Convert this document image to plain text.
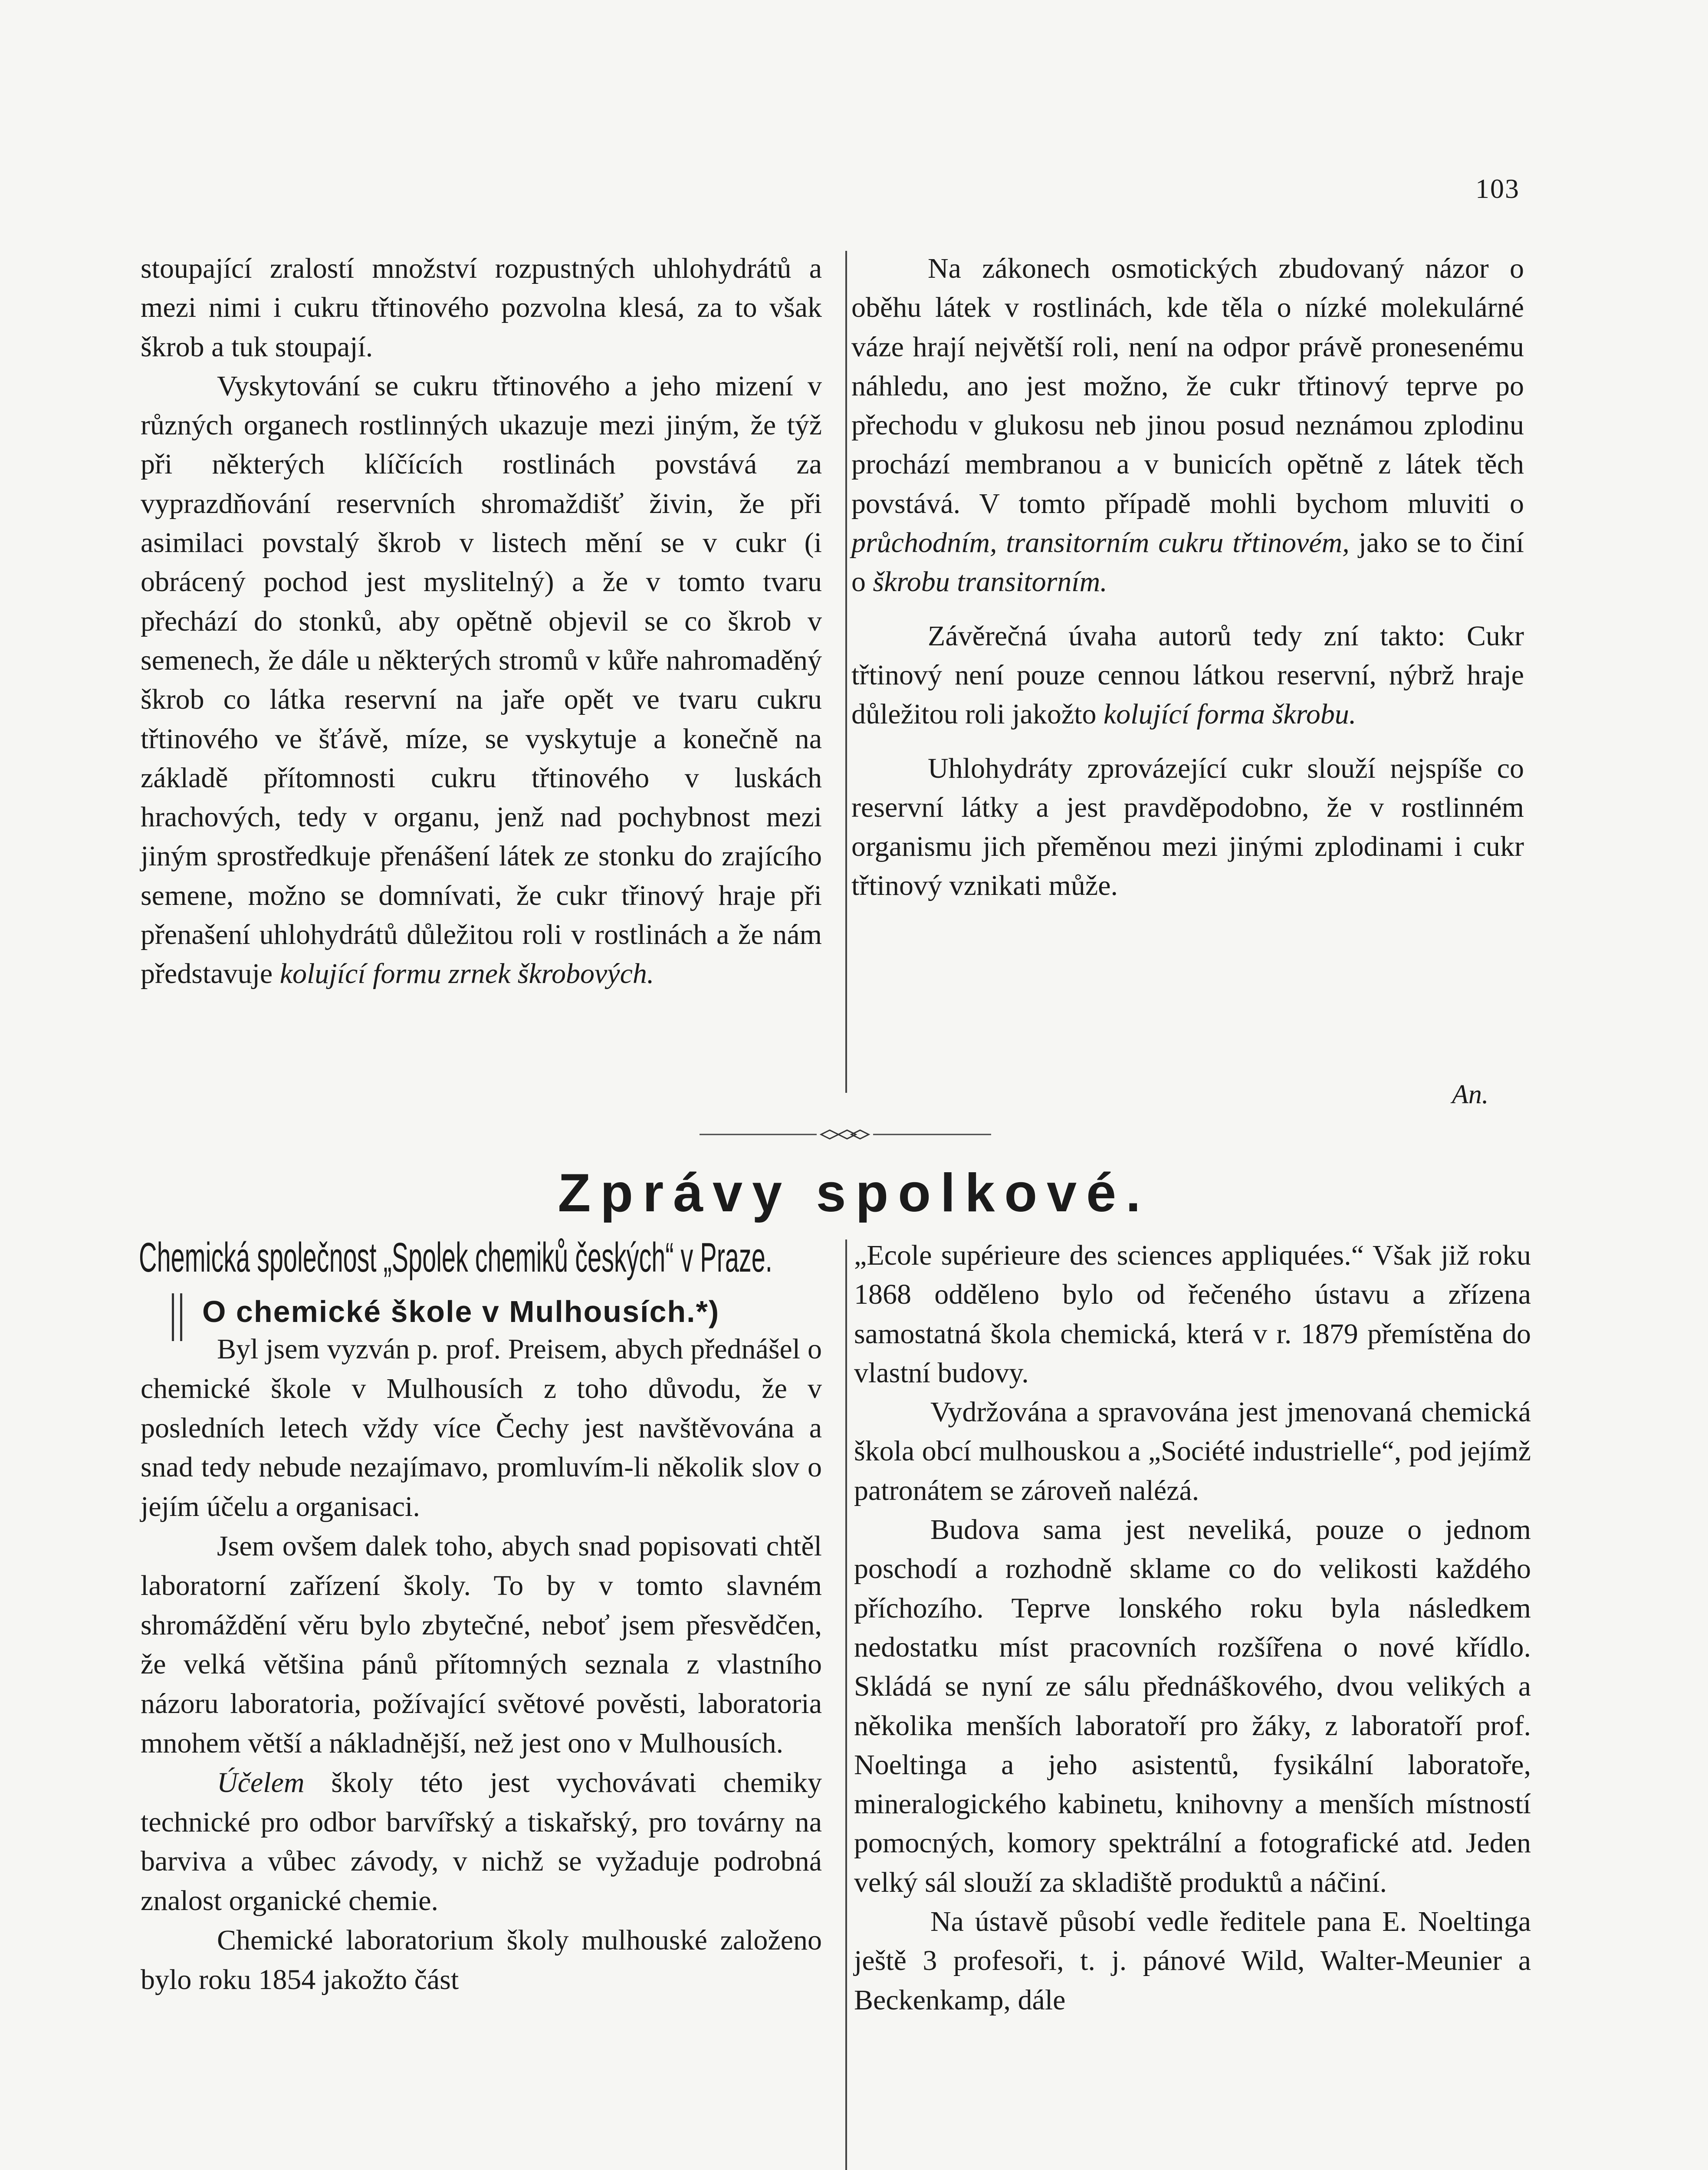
103

stoupající zralostí množství rozpustných uhlohydrátů a mezi nimi i cukru třtinového pozvolna klesá, za to však škrob a tuk stoupají.

Vyskytování se cukru třtinového a jeho mizení v různých organech rostlinných ukazuje mezi jiným, že týž při některých klíčících rostlinách povstává za vyprazdňování reservních shromaždišť živin, že při asimilaci povstalý škrob v listech mění se v cukr (i obrácený pochod jest myslitelný) a že v tomto tvaru přechází do stonků, aby opětně objevil se co škrob v semenech, že dále u některých stromů v kůře nahromaděný škrob co látka reservní na jaře opět ve tvaru cukru třtinového ve šťávě, míze, se vyskytuje a konečně na základě přítomnosti cukru třtinového v luskách hrachových, tedy v organu, jenž nad pochybnost mezi jiným sprostředkuje přenášení látek ze stonku do zrajícího semene, možno se domnívati, že cukr třinový hraje při přenašení uhlohydrátů důležitou roli v rostlinách a že nám představuje kolující formu zrnek škrobových.

Na zákonech osmotických zbudovaný názor o oběhu látek v rostlinách, kde těla o nízké molekulárné váze hrají největší roli, není na odpor právě pronesenému náhledu, ano jest možno, že cukr třtinový teprve po přechodu v glukosu neb jinou posud neznámou zplodinu prochází membranou a v bunicích opětně z látek těch povstává. V tomto případě mohli bychom mluviti o průchodním, transitorním cukru třtinovém, jako se to činí o škrobu transitorním.

Závěrečná úvaha autorů tedy zní takto: Cukr třtinový není pouze cennou látkou reservní, nýbrž hraje důležitou roli jakožto kolující forma škrobu.

Uhlohydráty zprovázející cukr slouží nejspíše co reservní látky a jest pravděpodobno, že v rostlinném organismu jich přeměnou mezi jinými zplodinami i cukr třtinový vznikati může.

An.
Zprávy spolkové.
Chemická společnost „Spolek chemiků českých“ v Praze.
O chemické škole v Mulhousích.*)

Byl jsem vyzván p. prof. Preisem, abych přednášel o chemické škole v Mulhousích z toho důvodu, že v posledních letech vždy více Čechy jest navštěvována a snad tedy nebude nezajímavo, promluvím-li několik slov o jejím účelu a organisaci.

Jsem ovšem dalek toho, abych snad popisovati chtěl laboratorní zařízení školy. To by v tomto slavném shromáždění věru bylo zbytečné, neboť jsem přesvědčen, že velká většina pánů přítomných seznala z vlastního názoru laboratoria, požívající světové pověsti, laboratoria mnohem větší a nákladnější, než jest ono v Mulhousích.

Účelem školy této jest vychovávati chemiky technické pro odbor barvířský a tiskařský, pro továrny na barviva a vůbec závody, v nichž se vyžaduje podrobná znalost organické chemie.

Chemické laboratorium školy mulhouské založeno bylo roku 1854 jakožto část

„Ecole supérieure des sciences appliquées.“ Však již roku 1868 odděleno bylo od řečeného ústavu a zřízena samostatná škola chemická, která v r. 1879 přemístěna do vlastní budovy.

Vydržována a spravována jest jmenovaná chemická škola obcí mulhouskou a „Société industrielle“, pod jejímž patronátem se zároveň nalézá.

Budova sama jest neveliká, pouze o jednom poschodí a rozhodně sklame co do velikosti každého příchozího. Teprve lonského roku byla následkem nedostatku míst pracovních rozšířena o nové křídlo. Skládá se nyní ze sálu přednáškového, dvou velikých a několika menších laboratoří pro žáky, z laboratoří prof. Noeltinga a jeho asistentů, fysikální laboratoře, mineralogického kabinetu, knihovny a menších místností pomocných, komory spektrální a fotografické atd. Jeden velký sál slouží za skladiště produktů a náčiní.

Na ústavě působí vedle ředitele pana E. Noeltinga ještě 3 profesoři, t. j. pánové Wild, Walter-Meunier a Beckenkamp, dále
